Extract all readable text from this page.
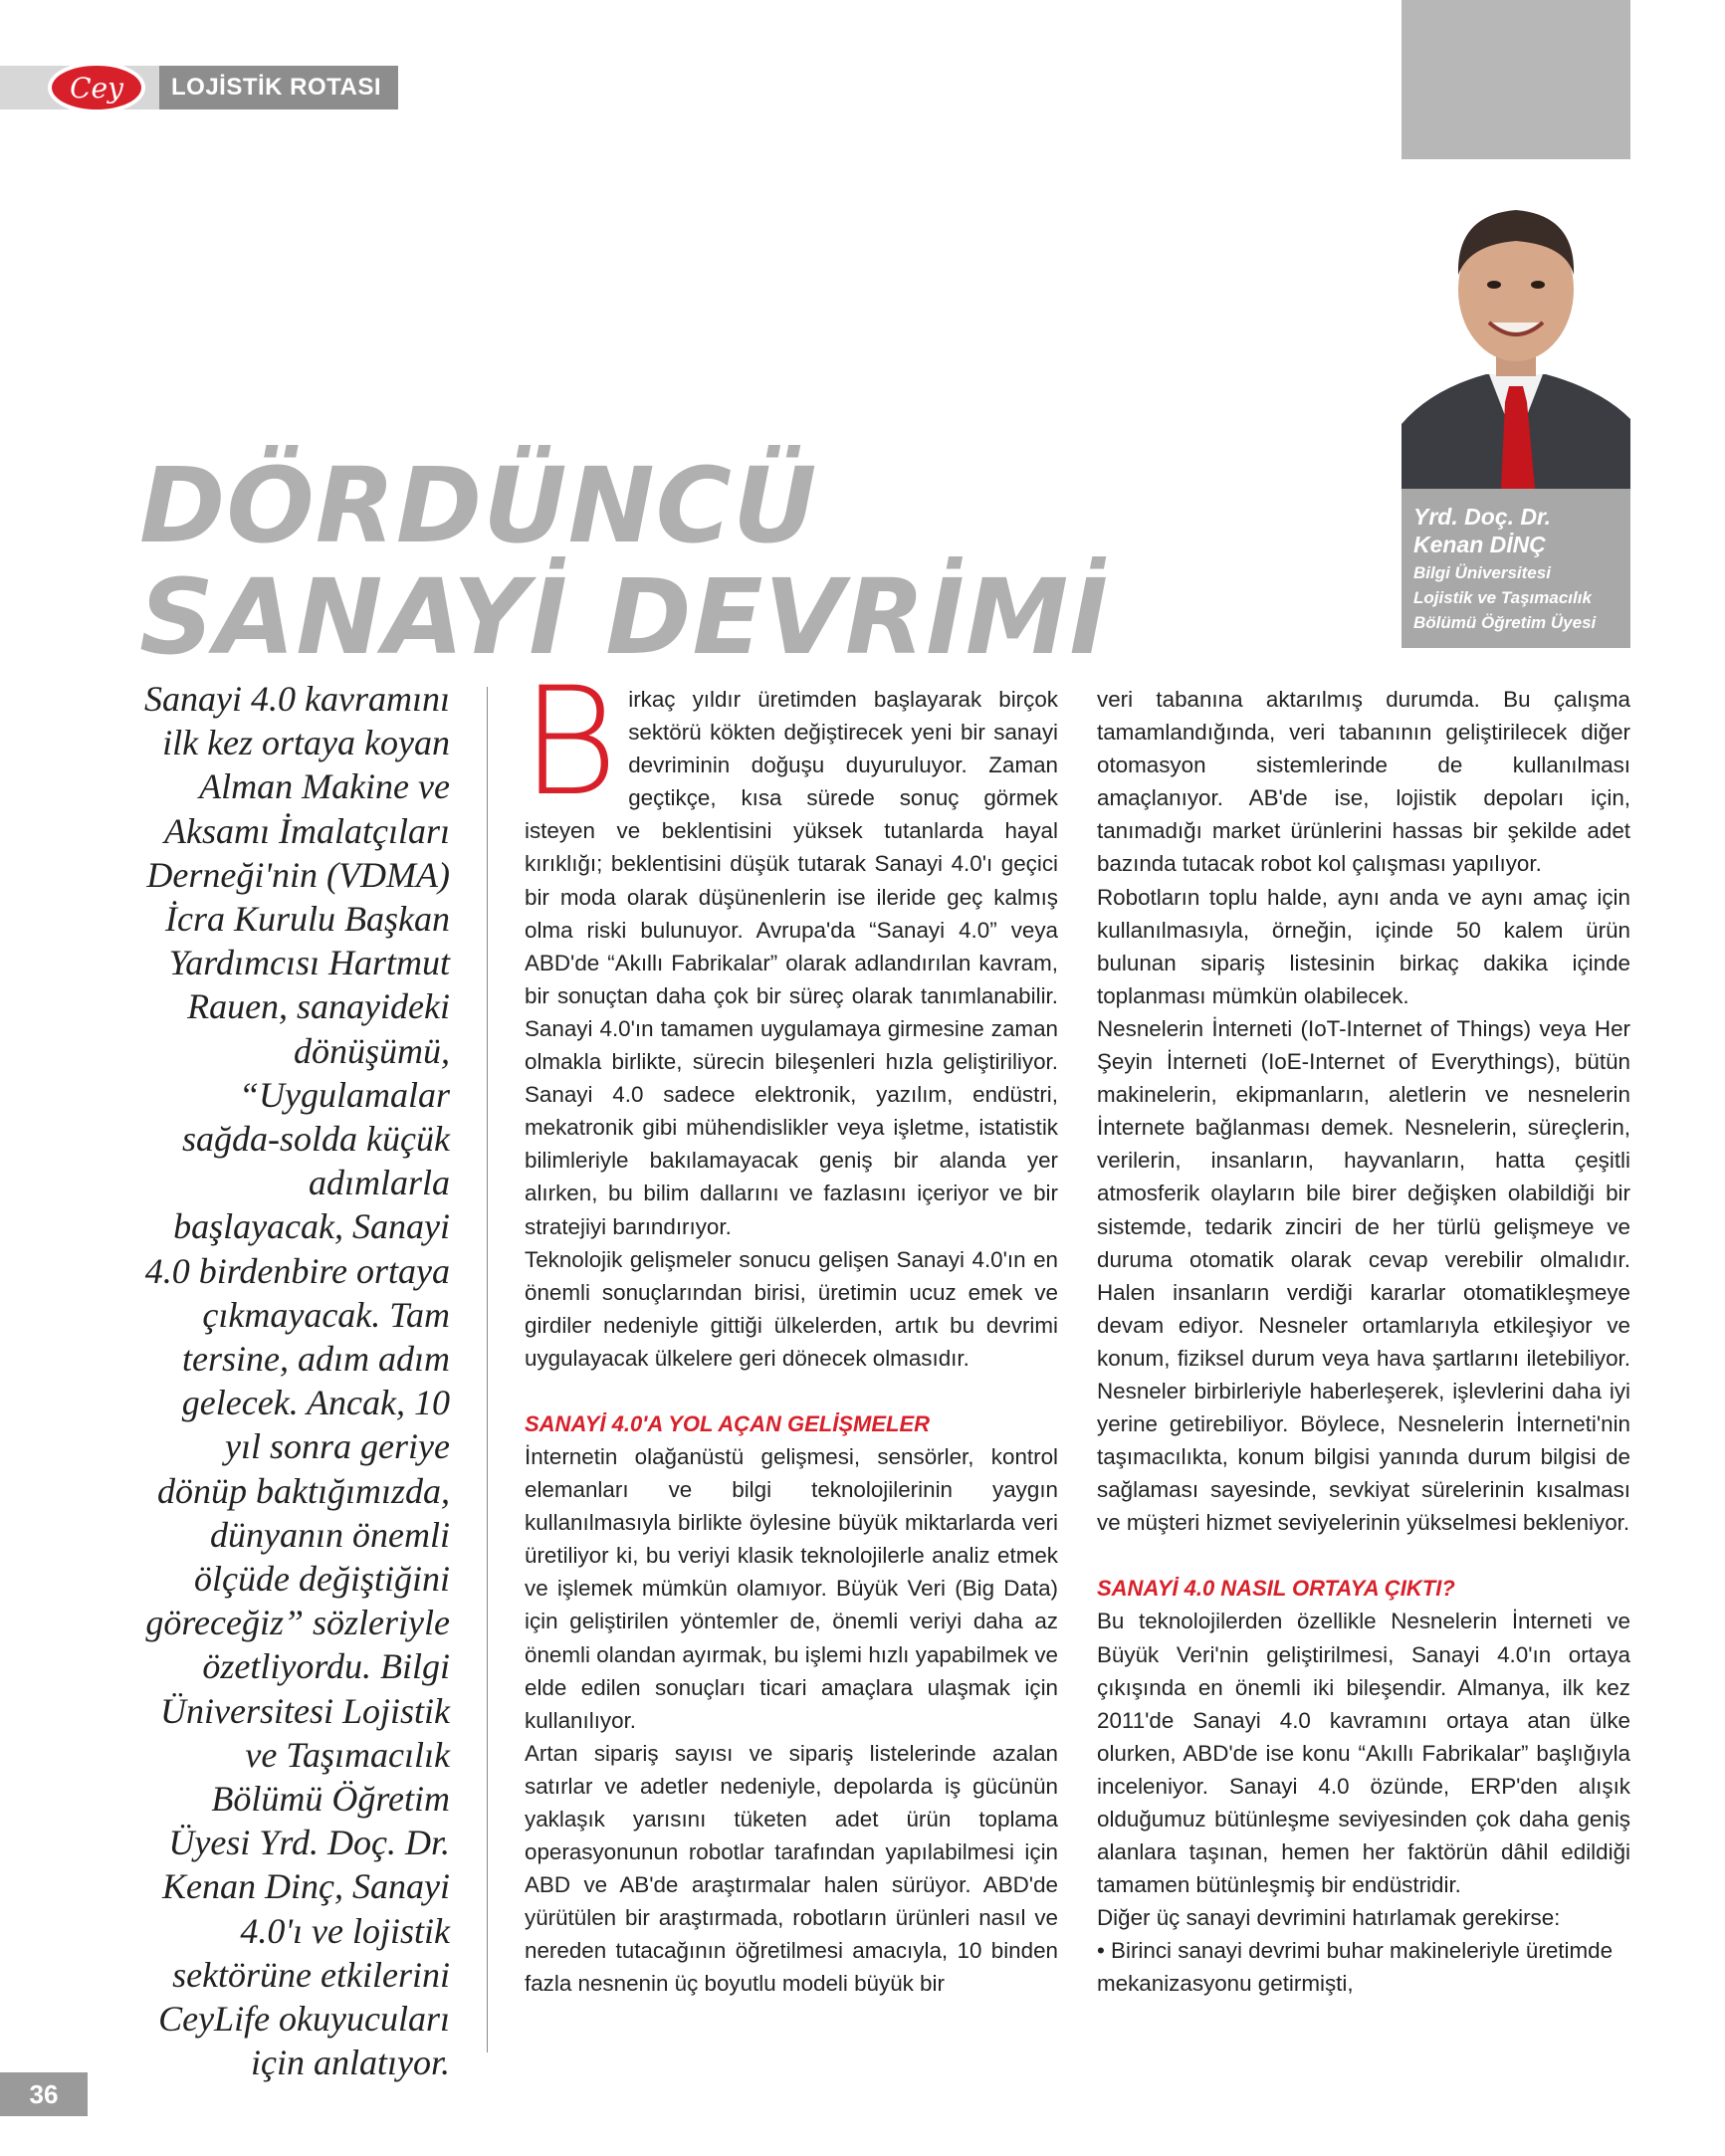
LOJİSTİK ROTASI
Cey
Yrd. Doç. Dr.
Kenan DİNÇ
Bilgi Üniversitesi
Lojistik ve Taşımacılık
Bölümü Öğretim Üyesi
DÖRDÜNCÜ
SANAYİ DEVRİMİ

Sanayi 4.0 kavramını ilk kez ortaya koyan Alman Makine ve Aksamı İmalatçıları Derneği'nin (VDMA) İcra Kurulu Başkan Yardımcısı Hartmut Rauen, sanayideki dönüşümü, “Uygulamalar sağda-solda küçük adımlarla başlayacak, Sanayi 4.0 birdenbire ortaya çıkmayacak. Tam tersine, adım adım gelecek. Ancak, 10 yıl sonra geriye dönüp baktığımızda, dünyanın önemli ölçüde değiştiğini göreceğiz” sözleriyle özetliyordu. Bilgi Üniversitesi Lojistik ve Taşımacılık Bölümü Öğretim Üyesi Yrd. Doç. Dr. Kenan Dinç, Sanayi 4.0'ı ve lojistik sektörüne etkilerini CeyLife okuyucuları için anlatıyor.

Birkaç yıldır üretimden başlayarak birçok sektörü kökten değiştirecek yeni bir sanayi devriminin doğuşu duyuruluyor. Zaman geçtikçe, kısa sürede sonuç görmek isteyen ve beklentisini yüksek tutanlarda hayal kırıklığı; beklentisini düşük tutarak Sanayi 4.0'ı geçici bir moda olarak düşünenlerin ise ileride geç kalmış olma riski bulunuyor. Avrupa'da “Sanayi 4.0” veya ABD'de “Akıllı Fabrikalar” olarak adlandırılan kavram, bir sonuçtan daha çok bir süreç olarak tanımlanabilir. Sanayi 4.0'ın tamamen uygulamaya girmesine zaman olmakla birlikte, sürecin bileşenleri hızla geliştiriliyor. Sanayi 4.0 sadece elektronik, yazılım, endüstri, mekatronik gibi mühendislikler veya işletme, istatistik bilimleriyle bakılamayacak geniş bir alanda yer alırken, bu bilim dallarını ve fazlasını içeriyor ve bir stratejiyi barındırıyor.

Teknolojik gelişmeler sonucu gelişen Sanayi 4.0'ın en önemli sonuçlarından birisi, üretimin ucuz emek ve girdiler nedeniyle gittiği ülkelerden, artık bu devrimi uygulayacak ülkelere geri dönecek olmasıdır.

SANAYİ 4.0'A YOL AÇAN GELİŞMELER

İnternetin olağanüstü gelişmesi, sensörler, kontrol elemanları ve bilgi teknolojilerinin yaygın kullanılmasıyla birlikte öylesine büyük miktarlarda veri üretiliyor ki, bu veriyi klasik teknolojilerle analiz etmek ve işlemek mümkün olamıyor. Büyük Veri (Big Data) için geliştirilen yöntemler de, önemli veriyi daha az önemli olandan ayırmak, bu işlemi hızlı yapabilmek ve elde edilen sonuçları ticari amaçlara ulaşmak için kullanılıyor.

Artan sipariş sayısı ve sipariş listelerinde azalan satırlar ve adetler nedeniyle, depolarda iş gücünün yaklaşık yarısını tüketen adet ürün toplama operasyonunun robotlar tarafından yapılabilmesi için ABD ve AB'de araştırmalar halen sürüyor. ABD'de yürütülen bir araştırmada, robotların ürünleri nasıl ve nereden tutacağının öğretilmesi amacıyla, 10 binden fazla nesnenin üç boyutlu modeli büyük bir

veri tabanına aktarılmış durumda. Bu çalışma tamamlandığında, veri tabanının geliştirilecek diğer otomasyon sistemlerinde de kullanılması amaçlanıyor. AB'de ise, lojistik depoları için, tanımadığı market ürünlerini hassas bir şekilde adet bazında tutacak robot kol çalışması yapılıyor.

Robotların toplu halde, aynı anda ve aynı amaç için kullanılmasıyla, örneğin, içinde 50 kalem ürün bulunan sipariş listesinin birkaç dakika içinde toplanması mümkün olabilecek.

Nesnelerin İnterneti (IoT-Internet of Things) veya Her Şeyin İnterneti (IoE-Internet of Everythings), bütün makinelerin, ekipmanların, aletlerin ve nesnelerin İnternete bağlanması demek. Nesnelerin, süreçlerin, verilerin, insanların, hayvanların, hatta çeşitli atmosferik olayların bile birer değişken olabildiği bir sistemde, tedarik zinciri de her türlü gelişmeye ve duruma otomatik olarak cevap verebilir olmalıdır. Halen insanların verdiği kararlar otomatikleşmeye devam ediyor. Nesneler ortamlarıyla etkileşiyor ve konum, fiziksel durum veya hava şartlarını iletebiliyor. Nesneler birbirleriyle haberleşerek, işlevlerini daha iyi yerine getirebiliyor. Böylece, Nesnelerin İnterneti'nin taşımacılıkta, konum bilgisi yanında durum bilgisi de sağlaması sayesinde, sevkiyat sürelerinin kısalması ve müşteri hizmet seviyelerinin yükselmesi bekleniyor.

SANAYİ 4.0 NASIL ORTAYA ÇIKTI?

Bu teknolojilerden özellikle Nesnelerin İnterneti ve Büyük Veri'nin geliştirilmesi, Sanayi 4.0'ın ortaya çıkışında en önemli iki bileşendir. Almanya, ilk kez 2011'de Sanayi 4.0 kavramını ortaya atan ülke olurken, ABD'de ise konu “Akıllı Fabrikalar” başlığıyla inceleniyor. Sanayi 4.0 özünde, ERP'den alışık olduğumuz bütünleşme seviyesinden çok daha geniş alanlara taşınan, hemen her faktörün dâhil edildiği tamamen bütünleşmiş bir endüstridir.

Diğer üç sanayi devrimini hatırlamak gerekirse:

• Birinci sanayi devrimi buhar makineleriyle üretimde mekanizasyonu getirmişti,

36
